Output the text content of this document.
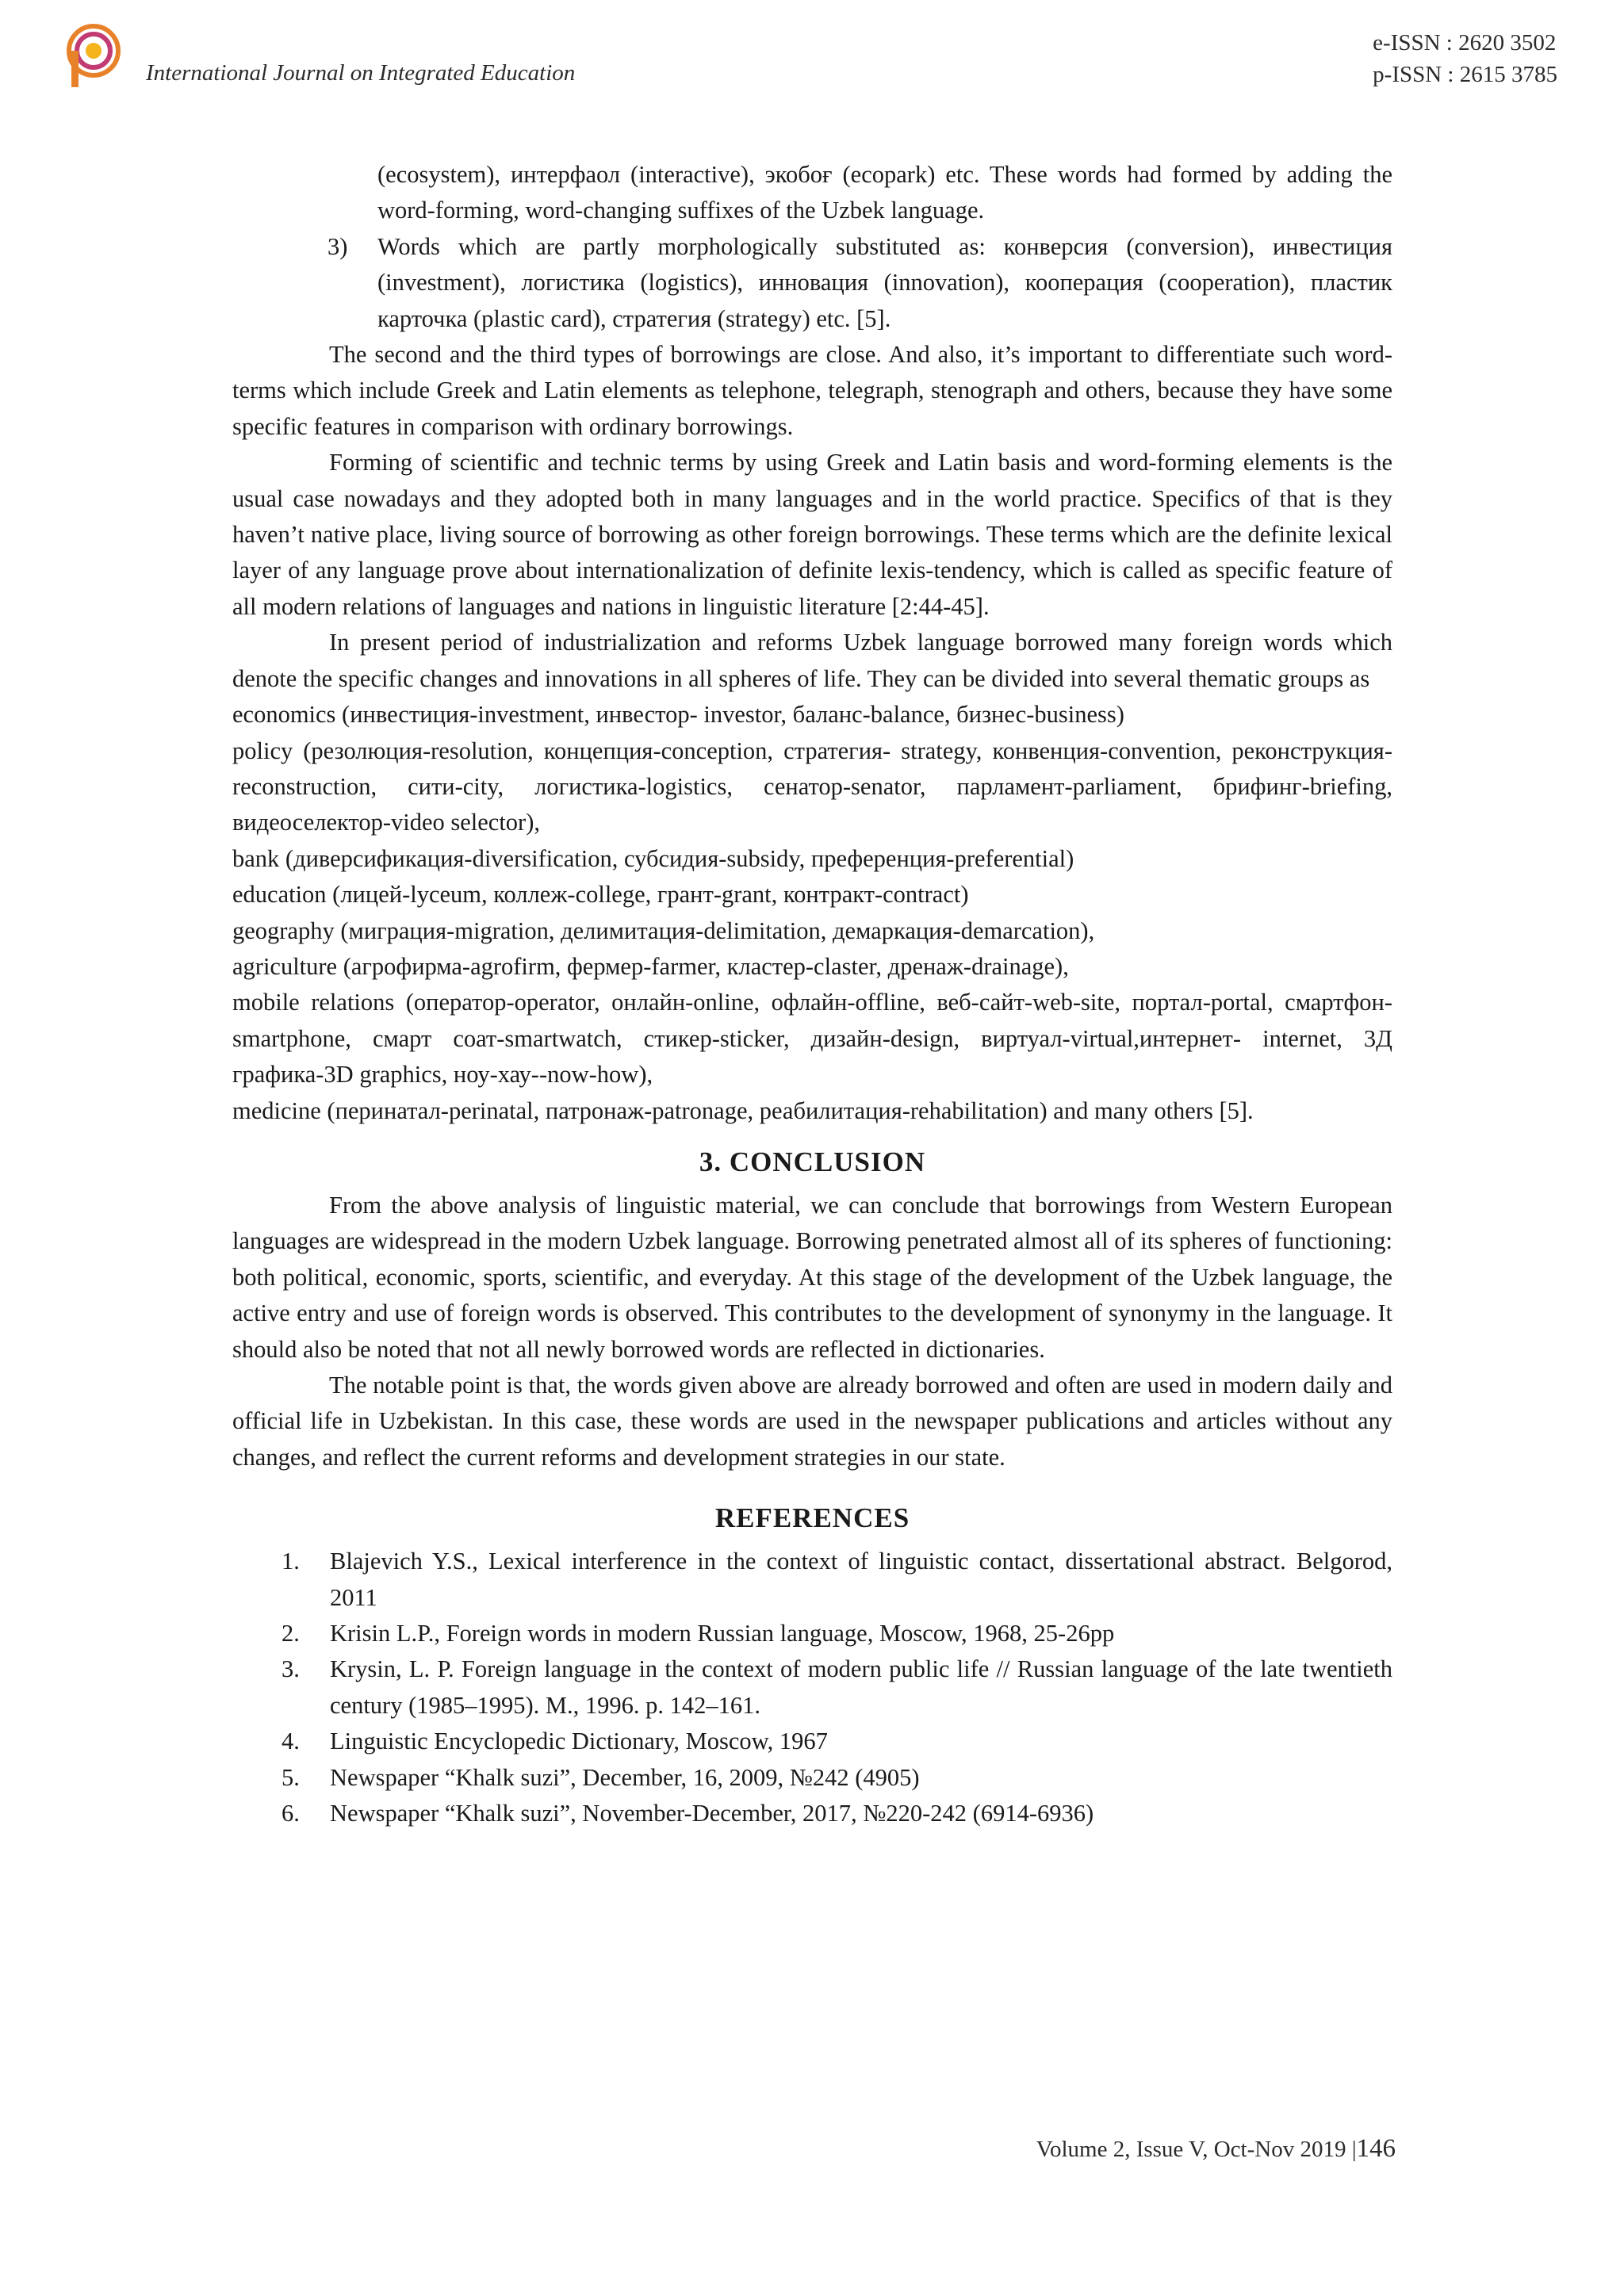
International Journal on Integrated Education
e-ISSN : 2620 3502
p-ISSN : 2615 3785

(ecosystem), интерфаол (interactive), экобоғ (ecopark) etc. These words had formed by adding the word-forming, word-changing suffixes of the Uzbek language.

3) Words which are partly morphologically substituted as: конверсия (conversion), инвестиция (investment), логистика (logistics), инновация (innovation), кооперация (cooperation), пластик карточка (plastic card), стратегия (strategy) etc. [5].

The second and the third types of borrowings are close. And also, it’s important to differentiate such word-terms which include Greek and Latin elements as telephone, telegraph, stenograph and others, because they have some specific features in comparison with ordinary borrowings.

Forming of scientific and technic terms by using Greek and Latin basis and word-forming elements is the usual case nowadays and they adopted both in many languages and in the world practice. Specifics of that is they haven’t native place, living source of borrowing as other foreign borrowings. These terms which are the definite lexical layer of any language prove about internationalization of definite lexis-tendency, which is called as specific feature of all modern relations of languages and nations in linguistic literature [2:44-45].

In present period of industrialization and reforms Uzbek language borrowed many foreign words which denote the specific changes and innovations in all spheres of life. They can be divided into several thematic groups as

economics (инвестиция-investment, инвестор- investor, баланс-balance, бизнес-business)

policy (резолюция-resolution, концепция-conception, стратегия- strategy, конвенция-convention, реконструкция-reconstruction, сити-city, логистика-logistics, сенатор-senator, парламент-parliament, брифинг-briefing, видеоселектор-video selector),

bank (диверсификация-diversification, субсидия-subsidy, преференция-preferential)

education (лицей-lyceum, коллеж-college, грант-grant, контракт-contract)

geography (миграция-migration, делимитация-delimitation, демаркация-demarcation),

agriculture (агрофирма-agrofirm, фермер-farmer, кластер-claster, дренаж-drainage),

mobile relations (оператор-operator, онлайн-online, офлайн-offline, веб-сайт-web-site, портал-portal, смартфон-smartphone, смарт соат-smartwatch, стикер-sticker, дизайн-design, виртуал-virtual,интернет- internet, 3Д графика-3D graphics, ноу-хау--now-how),

medicine (перинатал-perinatal, патронаж-patronage, реабилитация-rehabilitation) and many others [5].

3. CONCLUSION

From the above analysis of linguistic material, we can conclude that borrowings from Western European languages are widespread in the modern Uzbek language. Borrowing penetrated almost all of its spheres of functioning: both political, economic, sports, scientific, and everyday. At this stage of the development of the Uzbek language, the active entry and use of foreign words is observed. This contributes to the development of synonymy in the language. It should also be noted that not all newly borrowed words are reflected in dictionaries.

The notable point is that, the words given above are already borrowed and often are used in modern daily and official life in Uzbekistan. In this case, these words are used in the newspaper publications and articles without any changes, and reflect the current reforms and development strategies in our state.

REFERENCES
1. Blajevich Y.S., Lexical interference in the context of linguistic contact, dissertational abstract. Belgorod, 2011
2. Krisin L.P., Foreign words in modern Russian language, Moscow, 1968, 25-26pp
3. Krysin, L. P. Foreign language in the context of modern public life // Russian language of the late twentieth century (1985–1995). M., 1996. p. 142–161.
4. Linguistic Encyclopedic Dictionary, Moscow, 1967
5. Newspaper “Khalk suzi”, December, 16, 2009, №242 (4905)
6. Newspaper “Khalk suzi”, November-December, 2017, №220-242 (6914-6936)
Volume 2, Issue V, Oct-Nov 2019 |146
